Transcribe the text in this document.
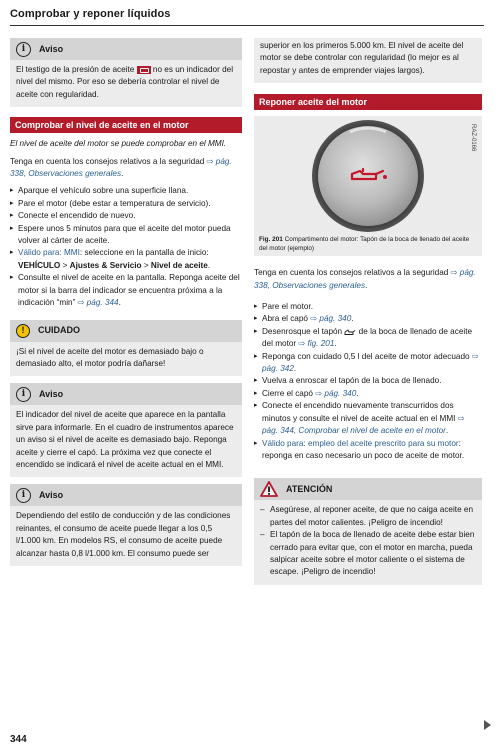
Comprobar y reponer líquidos
i	Aviso
El testigo de la presión de aceite  no es un indicador del nivel del mismo. Por eso se debería controlar el nivel de aceite con regularidad.
Comprobar el nivel de aceite en el motor
El nivel de aceite del motor se puede comprobar en el MMI.
Tenga en cuenta los consejos relativos a la seguridad ⇨ pág. 338, Observaciones generales.
▸ Aparque el vehículo sobre una superficie llana.
▸ Pare el motor (debe estar a temperatura de servicio).
▸ Conecte el encendido de nuevo.
▸ Espere unos 5 minutos para que el aceite del motor pueda volver al cárter de aceite.
▸ Válido para: MMI: seleccione en la pantalla de inicio: VEHÍCULO > Ajustes & Servicio > Nivel de aceite.
▸ Consulte el nivel de aceite en la pantalla. Reponga aceite del motor si la barra del indicador se encuentra próxima a la indicación “min” ⇨ pág. 344.
!	CUIDADO
¡Si el nivel de aceite del motor es demasiado bajo o demasiado alto, el motor podría dañarse!
i	Aviso
El indicador del nivel de aceite que aparece en la pantalla sirve para informarle. En el cuadro de instrumentos aparece un aviso si el nivel de aceite es demasiado bajo. Reponga aceite y cierre el capó. La próxima vez que conecte el encendido se indicará el nivel de aceite actual en el MMI.
i	Aviso
Dependiendo del estilo de conducción y de las condiciones reinantes, el consumo de aceite puede llegar a los 0,5 l/1.000 km. En modelos RS, el consumo de aceite puede alcanzar hasta 0,8 l/1.000 km. El consumo puede ser
superior en los primeros 5.000 km. El nivel de aceite del motor se debe controlar con regularidad (lo mejor es al repostar y antes de emprender viajes largos).
Reponer aceite del motor
RAZ-0166
Fig. 201 Compartimento del motor: Tapón de la boca de llenado del aceite del motor (ejemplo)
Tenga en cuenta los consejos relativos a la seguridad ⇨ pág. 338, Observaciones generales.
▸ Pare el motor.
▸ Abra el capó ⇨ pág. 340.
▸ Desenrosque el tapón  de la boca de llenado de aceite del motor ⇨ fig. 201.
▸ Reponga con cuidado 0,5 l del aceite de motor adecuado ⇨ pág. 342.
▸ Vuelva a enroscar el tapón de la boca de llenado.
▸ Cierre el capó ⇨ pág. 340.
▸ Conecte el encendido nuevamente transcurridos dos minutos y consulte el nivel de aceite actual en el MMI ⇨ pág. 344, Comprobar el nivel de aceite en el motor.
▸ Válido para: empleo del aceite prescrito para su motor: reponga en caso necesario un poco de aceite de motor.
ATENCIÓN
– Asegúrese, al reponer aceite, de que no caiga aceite en partes del motor calientes. ¡Peligro de incendio!
– El tapón de la boca de llenado de aceite debe estar bien cerrado para evitar que, con el motor en marcha, pueda salpicar aceite sobre el motor caliente o el sistema de escape. ¡Peligro de incendio!
344
